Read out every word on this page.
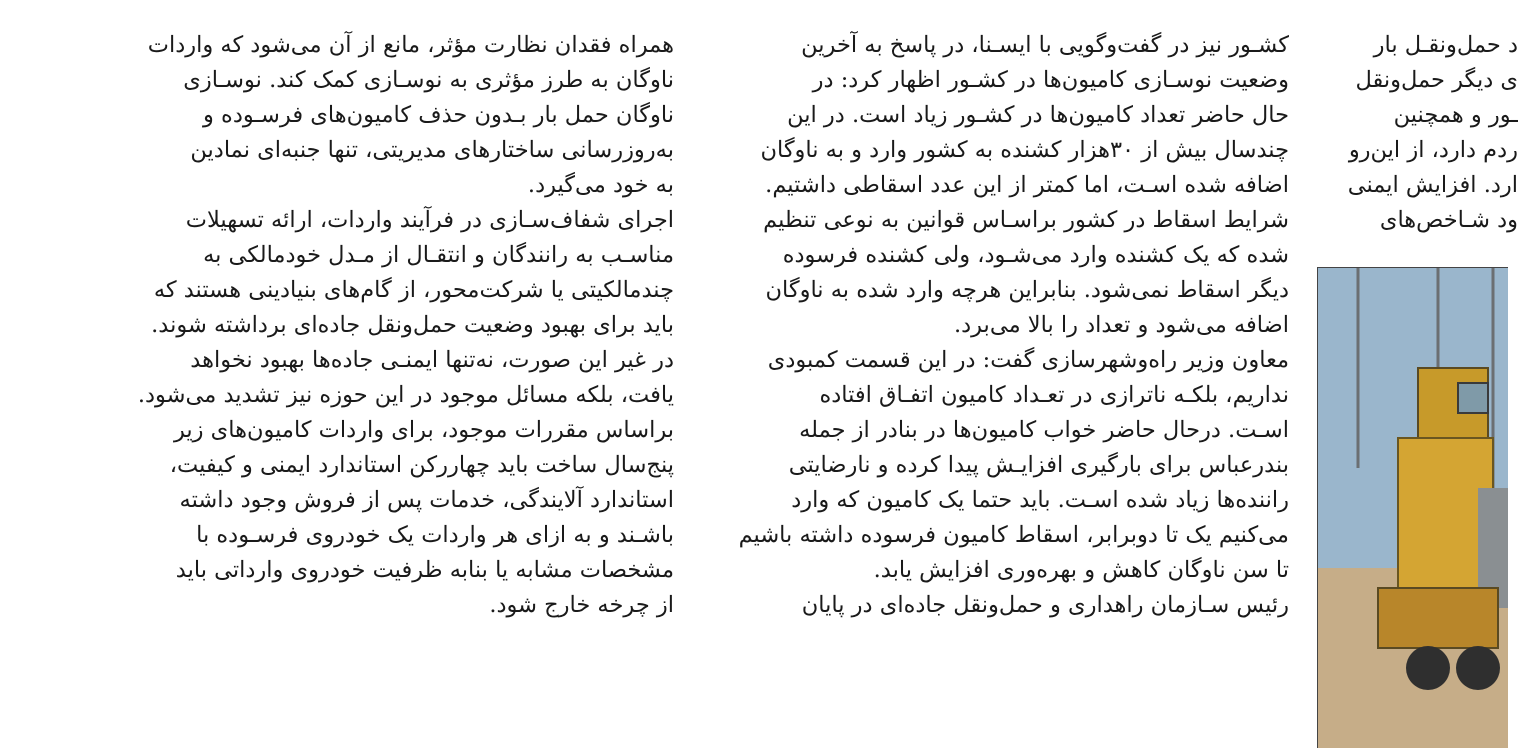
همراه فقدان نظارت مؤثر، مانع از آن می‌شود که واردات
ناوگان به طرز مؤثری به نوسـازی کمک کند. نوسـازی
ناوگان حمل بار بـدون حذف کامیون‌های فرسـوده و
به‌روزرسانی ساختارهای مدیریتی، تنها جنبه‌ای نمادین
به خود می‌گیرد.
اجرای شفاف‌سـازی در فرآیند واردات، ارائه تسهیلات
مناسـب به رانندگان و انتقـال از مـدل خودمالکی به
چندمالکیتی یا شرکت‌محور، از گام‌های بنیادینی هستند که
باید برای بهبود وضعیت حمل‌ونقل جاده‌ای برداشته شوند.
در غیر این صورت، نه‌تنها ایمنـی جاده‌ها بهبود نخواهد
یافت، بلکه مسائل موجود در این حوزه نیز تشدید می‌شود.
براساس مقررات موجود، برای واردات کامیون‌های زیر
پنج‌سال ساخت باید چهاررکن استاندارد ایمنی و کیفیت،
استاندارد آلایندگی، خدمات پس از فروش وجود داشته
باشـند و به ازای هر واردات یک خودروی فرسـوده با
مشخصات مشابه یا بنابه ظرفیت خودروی وارداتی باید
از چرخه خارج شود.
کشـور نیز در گفت‌وگویی با ایسـنا، در پاسخ به آخرین
وضعیت نوسـازی کامیون‌ها در کشـور اظهار کرد: در
حال حاضر تعداد کامیون‌ها در کشـور زیاد است. در این
چندسال بیش از ۳۰هزار کشنده به کشور وارد و به ناوگان
اضافه شده اسـت، اما کمتر از این عدد اسقاطی داشتیم.
شرایط اسقاط در کشور براسـاس قوانین به نوعی تنظیم
شده که یک کشنده وارد می‌شـود، ولی کشنده فرسوده
دیگر اسقاط نمی‌شود. بنابراین هرچه وارد شده به ناوگان
اضافه می‌شود و تعداد را بالا می‌برد.
معاون وزیر راه‌وشهرسازی گفت: در این قسمت کمبودی
نداریم، بلکـه ناترازی در تعـداد کامیون اتفـاق افتاده
اسـت. درحال حاضر خواب کامیون‌ها در بنادر از جمله
بندرعباس برای بارگیری افزایـش پیدا کرده و نارضایتی
راننده‌ها زیاد شده اسـت. باید حتما یک کامیون که وارد
می‌کنیم یک تا دوبرابر، اسقاط کامیون فرسوده داشته باشیم
تا سن ناوگان کاهش و بهره‌وری افزایش یابد.
رئیس سـازمان راهداری و حمل‌ونقل جاده‌ای در پایان
د حمل‌ونقـل بار
ی دیگر حمل‌ونقل
ـور و همچنین
ردم دارد، از این‌رو
ارد. افزایش ایمنی
ود شـاخص‌های
